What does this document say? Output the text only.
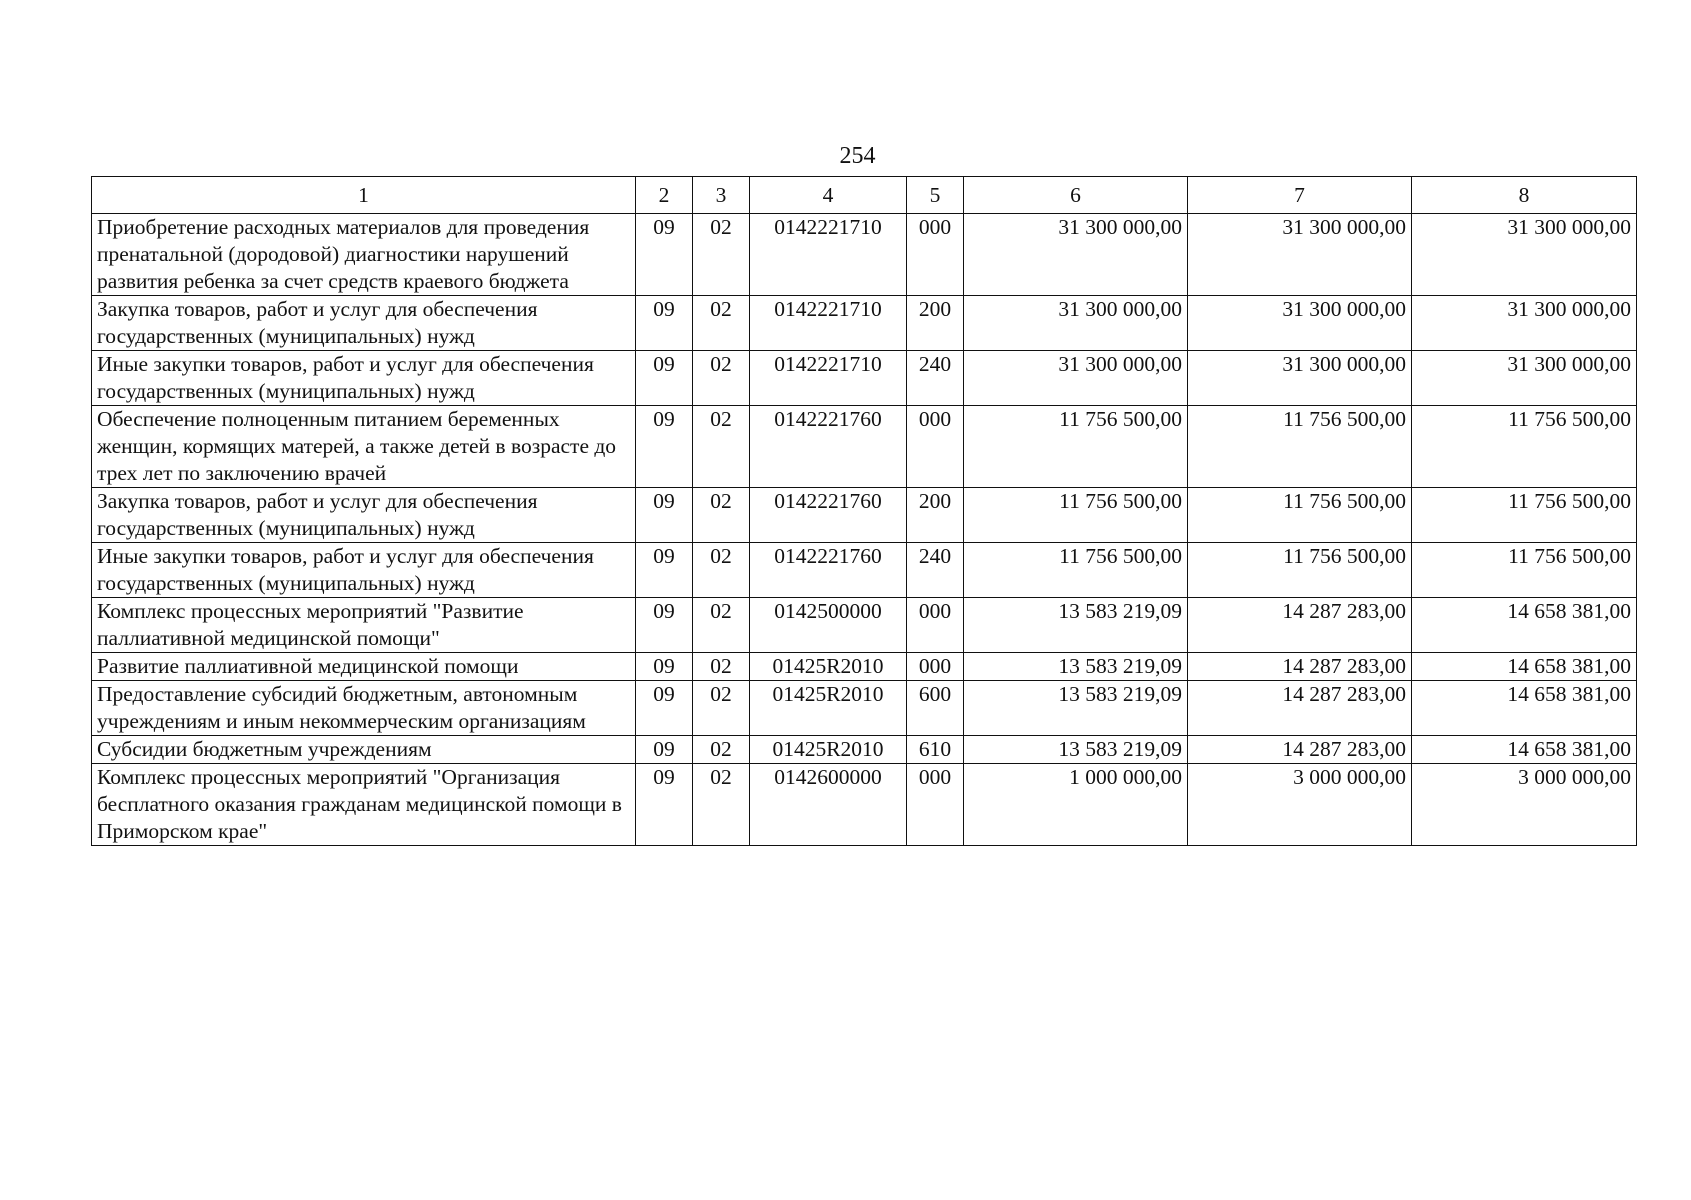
254
1	2	3	4	5	6	7	8
Приобретение расходных материалов для проведения пренатальной (дородовой) диагностики нарушений развития ребенка за счет средств краевого бюджета	09	02	0142221710	000	31 300 000,00	31 300 000,00	31 300 000,00
Закупка товаров, работ и услуг для обеспечения государственных (муниципальных) нужд	09	02	0142221710	200	31 300 000,00	31 300 000,00	31 300 000,00
Иные закупки товаров, работ и услуг для обеспечения государственных (муниципальных) нужд	09	02	0142221710	240	31 300 000,00	31 300 000,00	31 300 000,00
Обеспечение полноценным питанием беременных женщин, кормящих матерей, а также детей в возрасте до трех лет по заключению врачей	09	02	0142221760	000	11 756 500,00	11 756 500,00	11 756 500,00
Закупка товаров, работ и услуг для обеспечения государственных (муниципальных) нужд	09	02	0142221760	200	11 756 500,00	11 756 500,00	11 756 500,00
Иные закупки товаров, работ и услуг для обеспечения государственных (муниципальных) нужд	09	02	0142221760	240	11 756 500,00	11 756 500,00	11 756 500,00
Комплекс процессных мероприятий "Развитие паллиативной медицинской помощи"	09	02	0142500000	000	13 583 219,09	14 287 283,00	14 658 381,00
Развитие паллиативной медицинской помощи	09	02	01425R2010	000	13 583 219,09	14 287 283,00	14 658 381,00
Предоставление субсидий бюджетным, автономным учреждениям и иным некоммерческим организациям	09	02	01425R2010	600	13 583 219,09	14 287 283,00	14 658 381,00
Субсидии бюджетным учреждениям	09	02	01425R2010	610	13 583 219,09	14 287 283,00	14 658 381,00
Комплекс процессных мероприятий "Организация бесплатного оказания гражданам медицинской помощи в Приморском крае"	09	02	0142600000	000	1 000 000,00	3 000 000,00	3 000 000,00
